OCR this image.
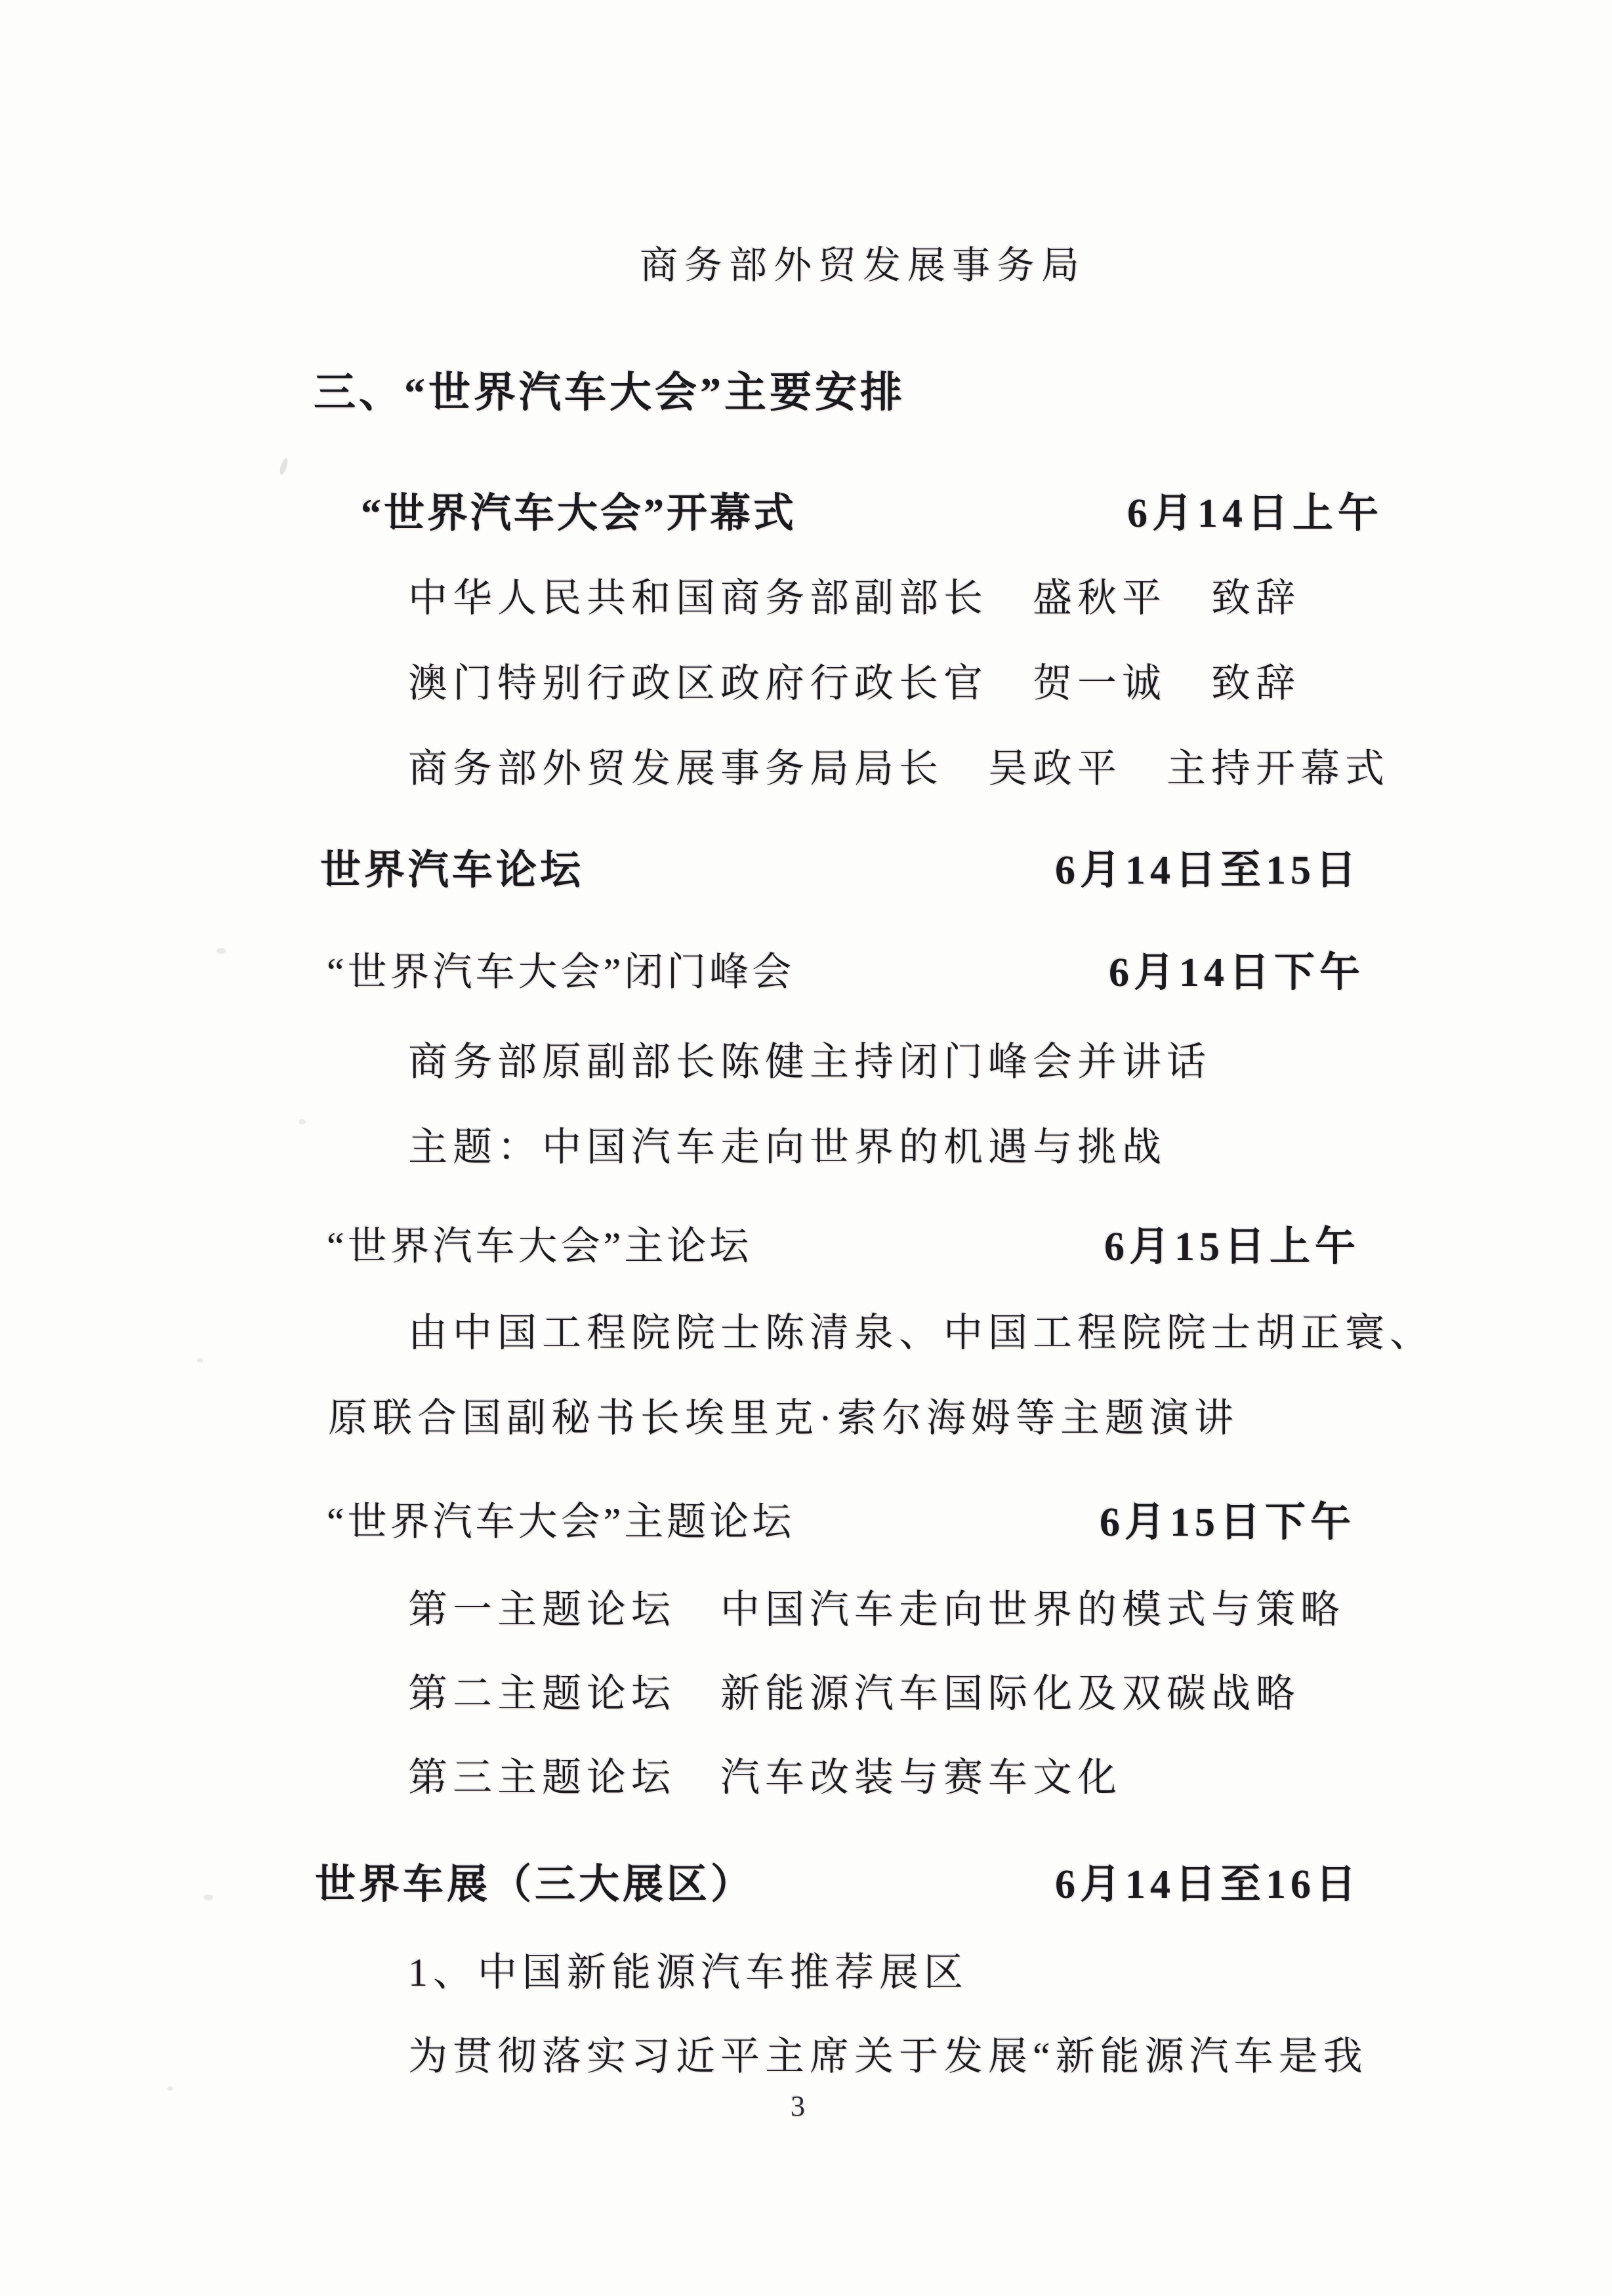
商务部外贸发展事务局
三、“世界汽车大会”主要安排
“世界汽车大会”开幕式	6月14日上午
中华人民共和国商务部副部长　盛秋平　致辞
澳门特别行政区政府行政长官　贺一诚　致辞
商务部外贸发展事务局局长　吴政平　主持开幕式
世界汽车论坛	6月14日至15日
“世界汽车大会”闭门峰会	6月14日下午
商务部原副部长陈健主持闭门峰会并讲话
主题：中国汽车走向世界的机遇与挑战
“世界汽车大会”主论坛	6月15日上午
由中国工程院院士陈清泉、中国工程院院士胡正寰、
原联合国副秘书长埃里克·索尔海姆等主题演讲
“世界汽车大会”主题论坛	6月15日下午
第一主题论坛　中国汽车走向世界的模式与策略
第二主题论坛　新能源汽车国际化及双碳战略
第三主题论坛　汽车改装与赛车文化
世界车展（三大展区）	6月14日至16日
1、中国新能源汽车推荐展区
为贯彻落实习近平主席关于发展“新能源汽车是我
3
